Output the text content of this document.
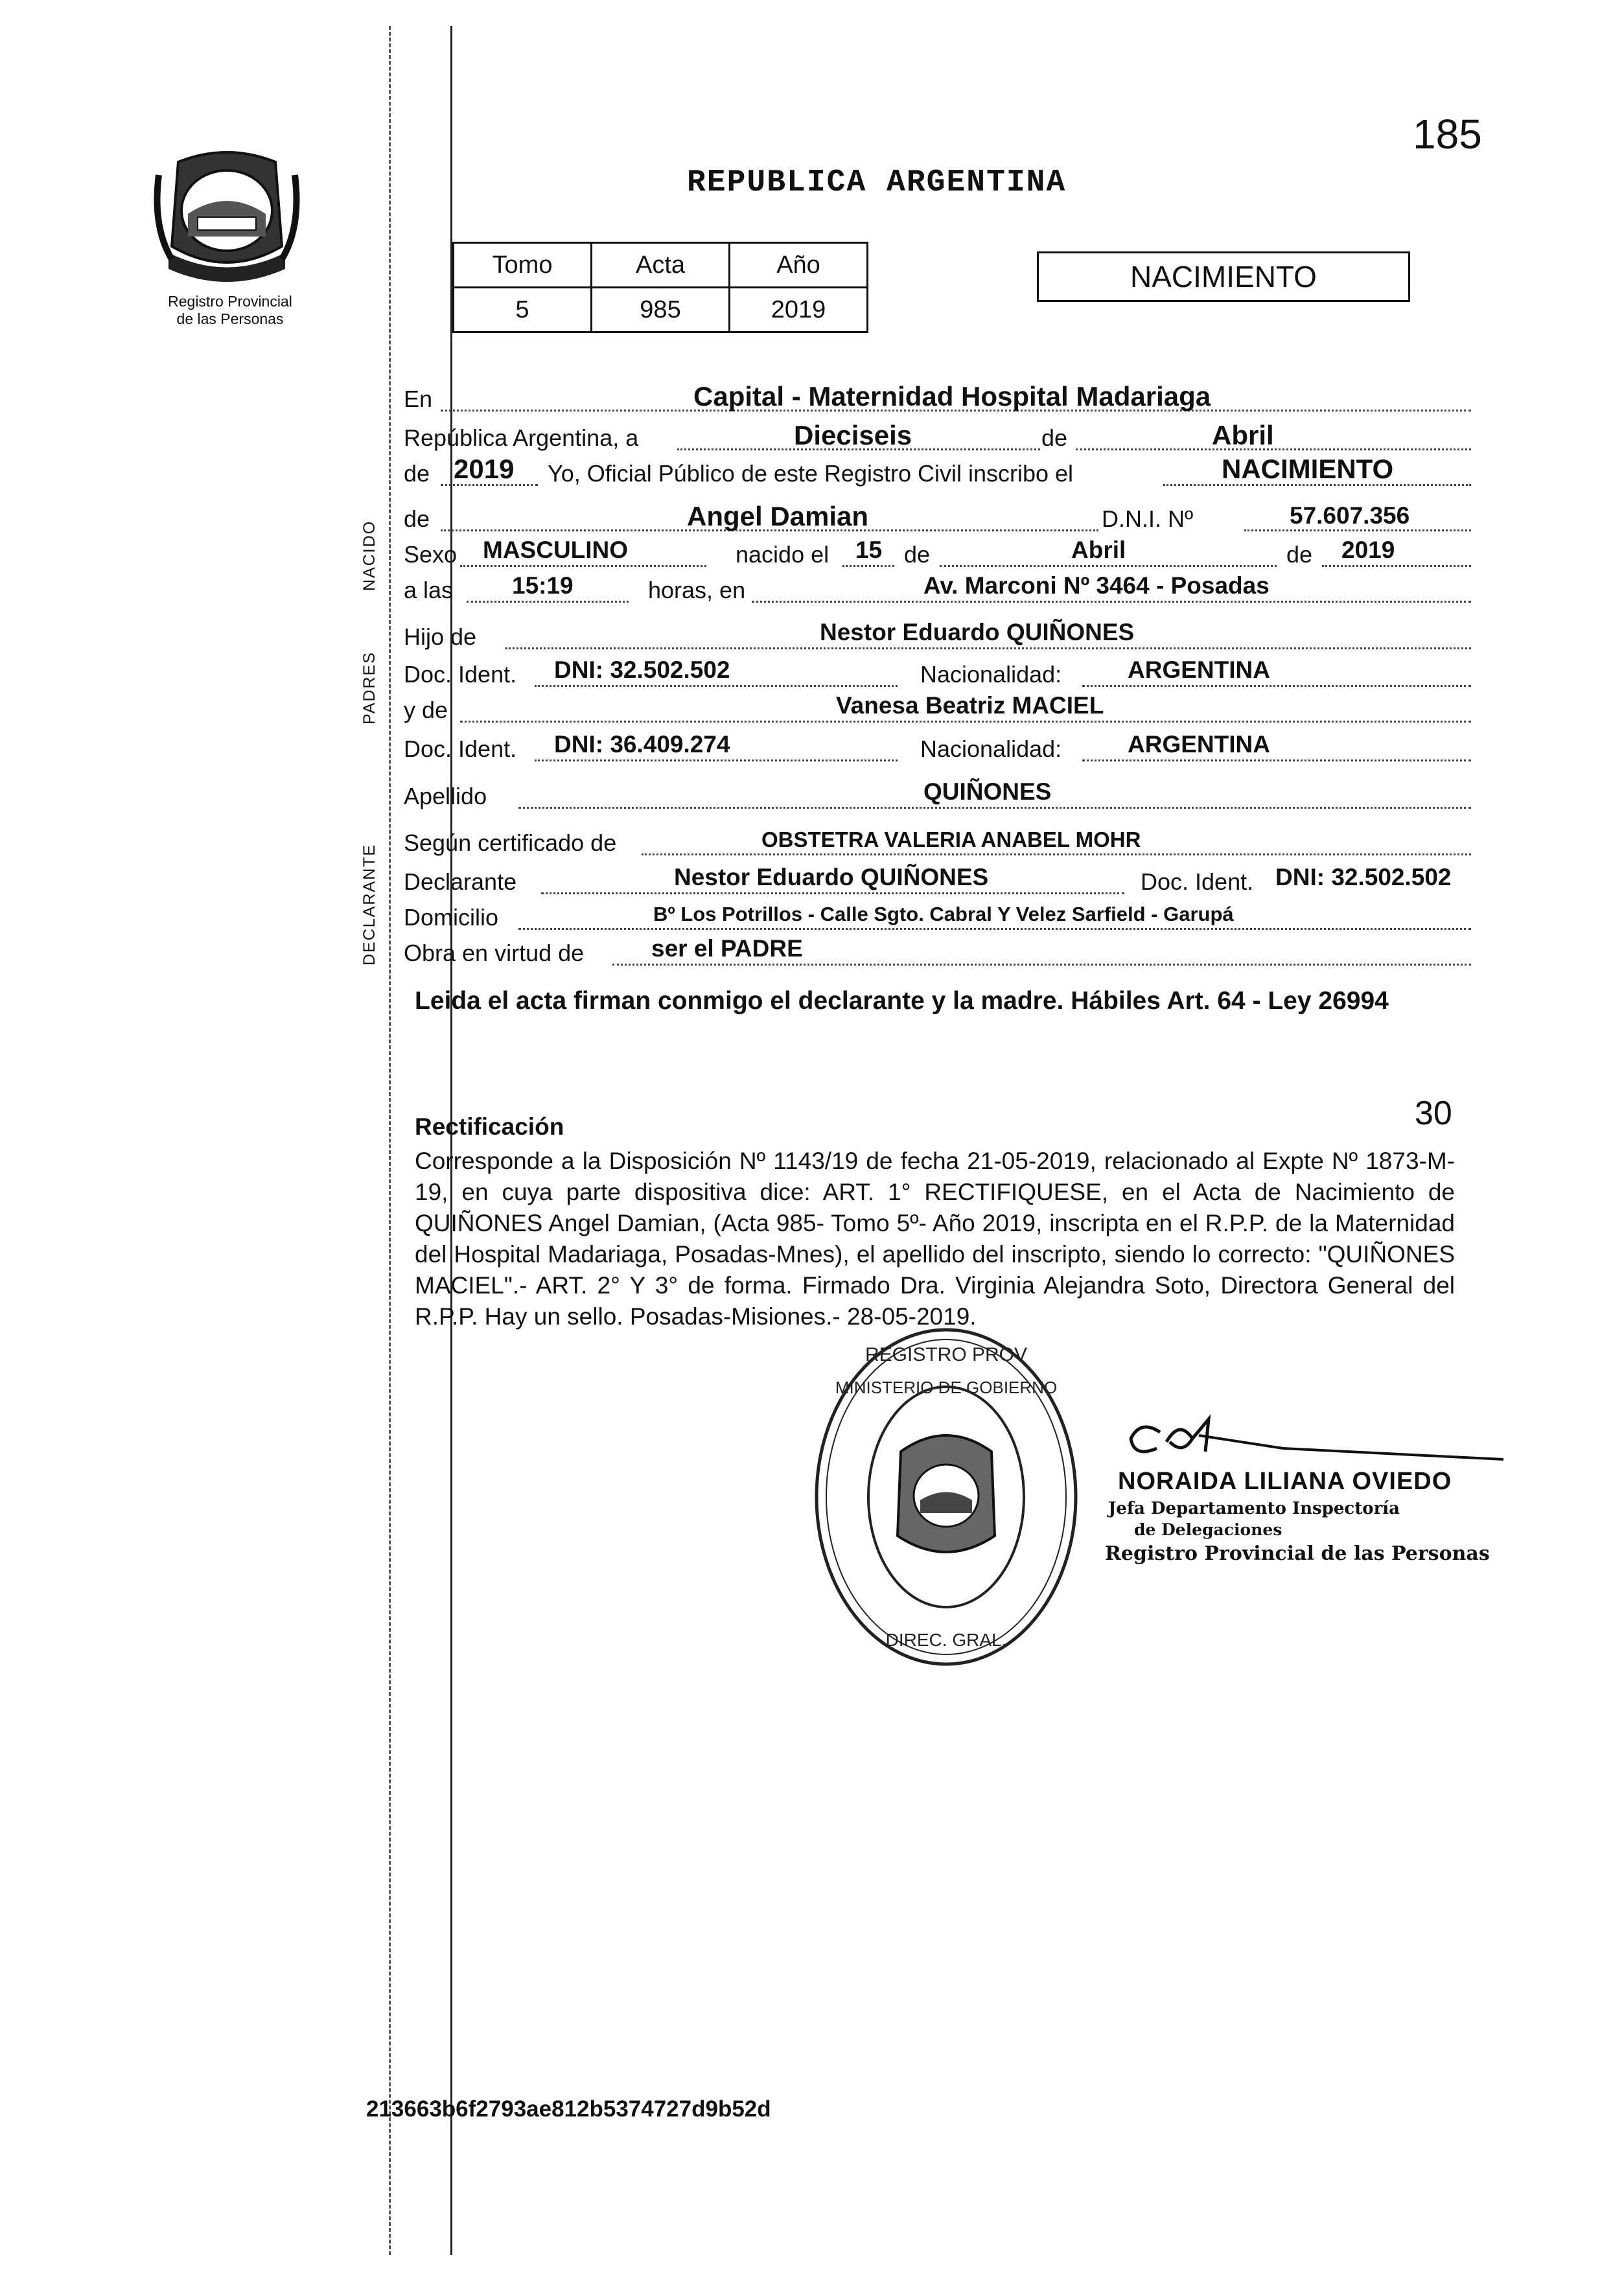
185
Registro Provincial
de las Personas
REPUBLICA ARGENTINA
Tomo	Acta	Año
5	985	2019
NACIMIENTO
NACIDO
PADRES
DECLARANTE
En	Capital - Maternidad Hospital Madariaga
República Argentina, a	Dieciseis	de	Abril
de 2019 Yo, Oficial Público de este Registro Civil inscribo el	NACIMIENTO
de	Angel Damian	D.N.I. Nº	57.607.356
Sexo MASCULINO	nacido el 15 de	Abril	de 2019
a las 15:19	horas, en	Av. Marconi Nº 3464 - Posadas
Hijo de	Nestor Eduardo QUIÑONES
Doc. Ident. DNI: 32.502.502	Nacionalidad:	ARGENTINA
y de	Vanesa Beatriz MACIEL
Doc. Ident. DNI: 36.409.274	Nacionalidad:	ARGENTINA
Apellido	QUIÑONES
Según certificado de	OBSTETRA VALERIA ANABEL MOHR
Declarante	Nestor Eduardo QUIÑONES	Doc. Ident. DNI: 32.502.502
Domicilio	Bº Los Potrillos - Calle Sgto. Cabral Y Velez Sarfield - Garupá
Obra en virtud de	ser el PADRE
Leida el acta firman conmigo el declarante y la madre. Hábiles Art. 64 - Ley 26994
Rectificación	30
Corresponde a la Disposición Nº 1143/19 de fecha 21-05-2019, relacionado al Expte Nº 1873-M-19, en cuya parte dispositiva dice: ART. 1° RECTIFIQUESE, en el Acta de Nacimiento de QUIÑONES Angel Damian, (Acta 985- Tomo 5º- Año 2019, inscripta en el R.P.P. de la Maternidad del Hospital Madariaga, Posadas-Mnes), el apellido del inscripto, siendo lo correcto: "QUIÑONES MACIEL".- ART. 2° Y 3° de forma. Firmado Dra. Virginia Alejandra Soto, Directora General del R.P.P. Hay un sello. Posadas-Misiones.- 28-05-2019.
REGISTRO PROV
MINISTERIO DE GOBIERNO
DIREC. GRAL.
NORAIDA LILIANA OVIEDO
Jefa Departamento Inspectoría
de Delegaciones
Registro Provincial de las Personas
213663b6f2793ae812b5374727d9b52d
